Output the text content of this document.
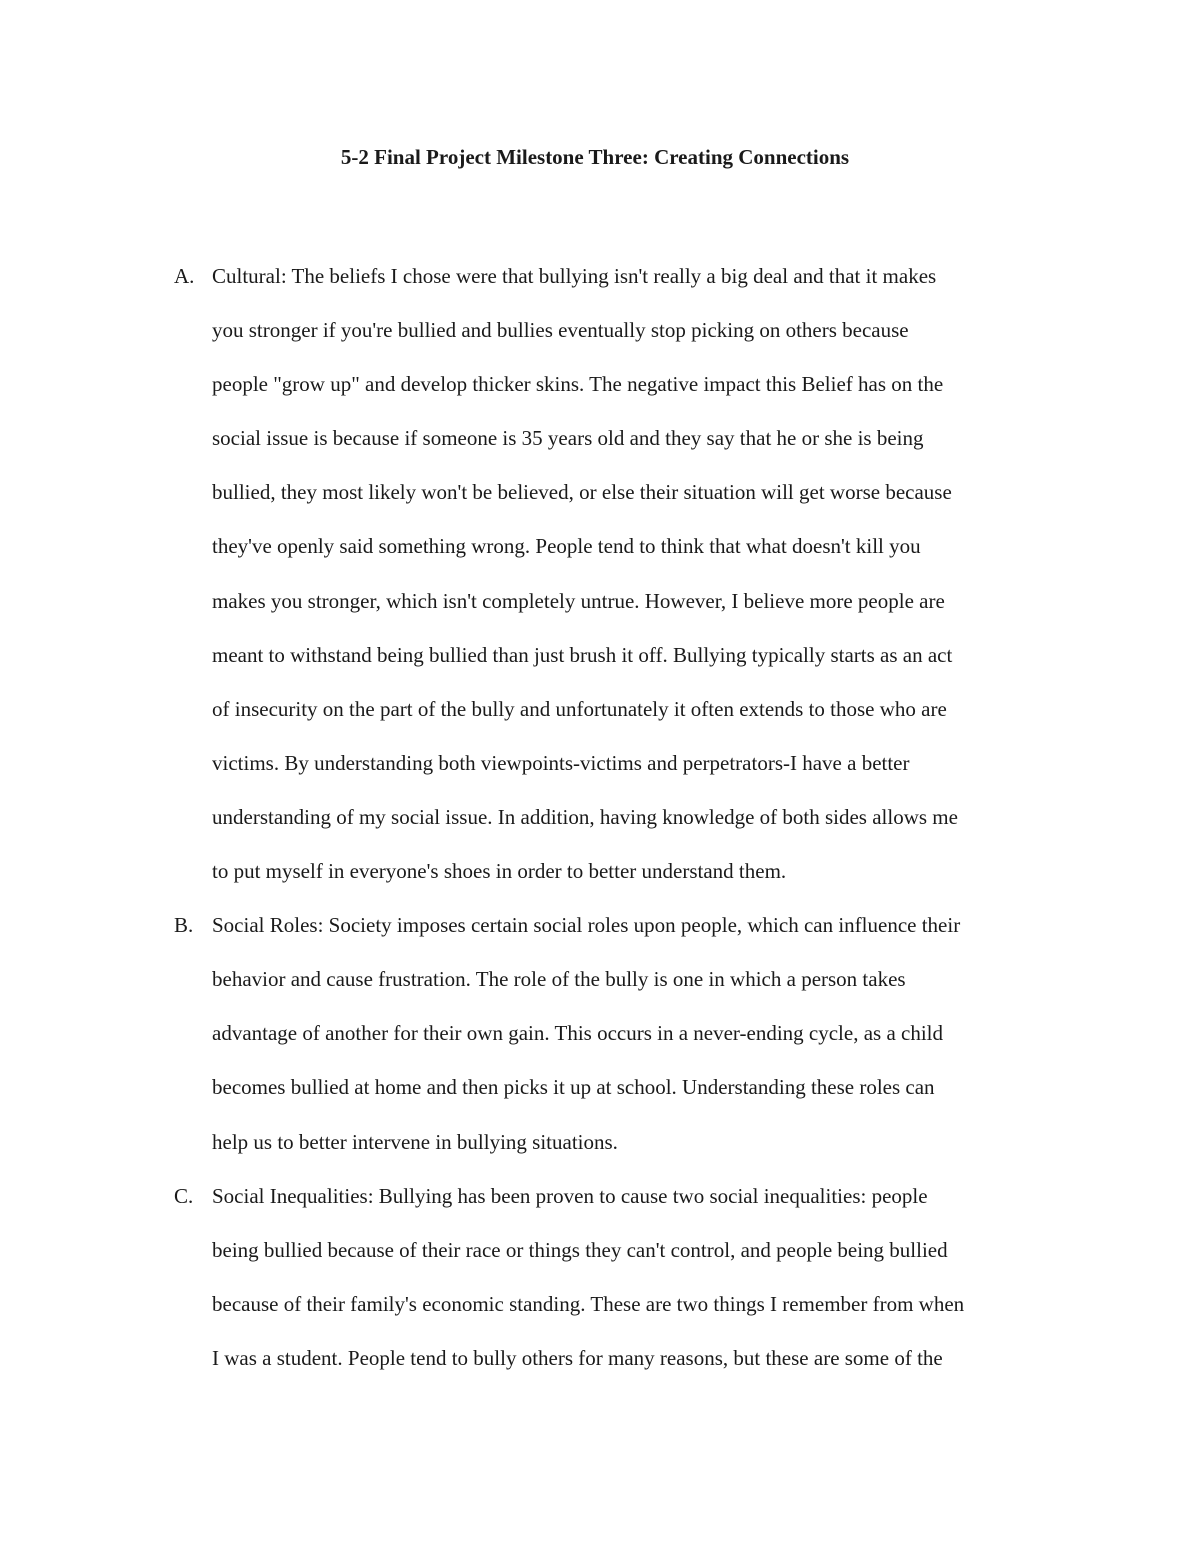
5-2 Final Project Milestone Three: Creating Connections
A. Cultural: The beliefs I chose were that bullying isn't really a big deal and that it makes
you stronger if you're bullied and bullies eventually stop picking on others because
people "grow up" and develop thicker skins. The negative impact this Belief has on the
social issue is because if someone is 35 years old and they say that he or she is being
bullied, they most likely won't be believed, or else their situation will get worse because
they've openly said something wrong. People tend to think that what doesn't kill you
makes you stronger, which isn't completely untrue. However, I believe more people are
meant to withstand being bullied than just brush it off. Bullying typically starts as an act
of insecurity on the part of the bully and unfortunately it often extends to those who are
victims. By understanding both viewpoints-victims and perpetrators-I have a better
understanding of my social issue. In addition, having knowledge of both sides allows me
to put myself in everyone's shoes in order to better understand them.
B. Social Roles: Society imposes certain social roles upon people, which can influence their
behavior and cause frustration. The role of the bully is one in which a person takes
advantage of another for their own gain. This occurs in a never-ending cycle, as a child
becomes bullied at home and then picks it up at school. Understanding these roles can
help us to better intervene in bullying situations.
C. Social Inequalities: Bullying has been proven to cause two social inequalities: people
being bullied because of their race or things they can't control, and people being bullied
because of their family's economic standing. These are two things I remember from when
I was a student. People tend to bully others for many reasons, but these are some of the
